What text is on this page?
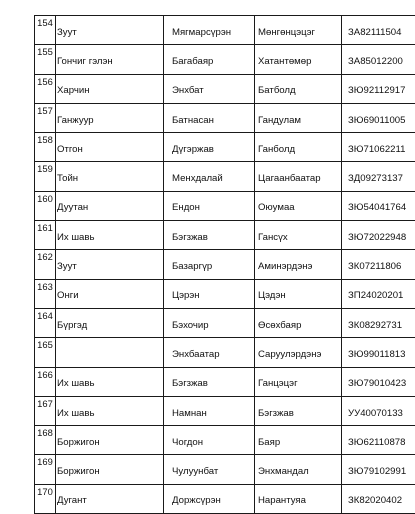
154	Зуут	Мягмарсүрэн	Мөнгөнцэцэг	ЗА82111504	
155	Гончиг гэлэн	Багабаяр	Хатантөмөр	ЗА85012200	
156	Харчин	Энхбат	Батболд	ЗЮ92112917	
157	Ганжуур	Батнасан	Гандулам	ЗЮ69011005	
158	Отгон	Дүгэржав	Ганболд	ЗЮ71062211	
159	Тойн	Менхдалай	Цагаанбаатар	ЗД09273137	
160	Дуутан	Ендон	Оюумаа	ЗЮ54041764	
161	Их шавь	Бэгзжав	Гансүх	ЗЮ72022948	
162	Зуут	Базаргүр	Аминэрдэнэ	ЗК07211806	
163	Онги	Цэрэн	Цэдэн	ЗП24020201	
164	Бүргэд	Бэхочир	Өсөхбаяр	ЗК08292731	
165		Энхбаатар	Саруулэрдэнэ	ЗЮ99011813	
166	Их шавь	Бэгзжав	Ганцэцэг	ЗЮ79010423	
167	Их шавь	Намнан	Бэгзжав	УУ40070133	
168	Боржигон	Чогдон	Баяр	ЗЮ62110878	
169	Боржигон	Чулуунбат	Энхмандал	ЗЮ79102991	
170	Дугант	Доржсүрэн	Нарантуяа	ЗК82020402	
